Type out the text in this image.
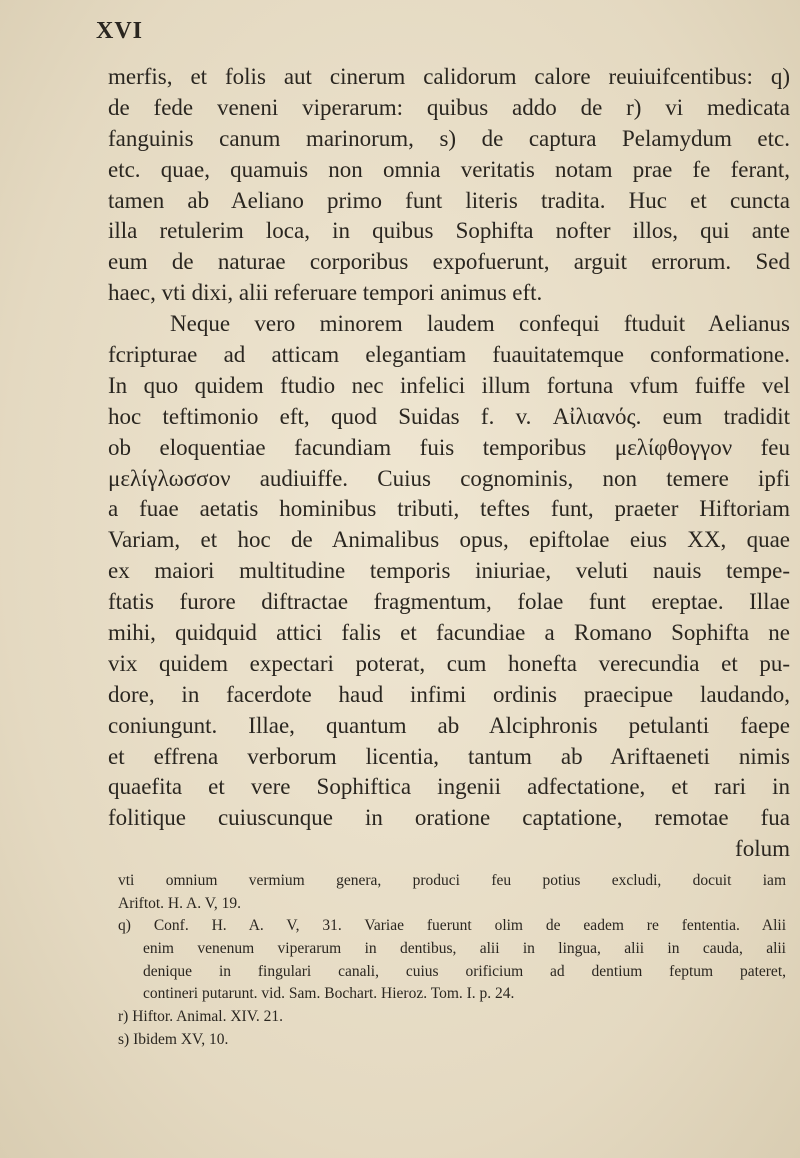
XVI
merfis, et folis aut cinerum calidorum calore reuiuifcentibus: q)
de fede veneni viperarum: quibus addo de r) vi medicata
fanguinis canum marinorum, s) de captura Pelamydum etc.
etc. quae, quamuis non omnia veritatis notam prae fe ferant,
tamen ab Aeliano primo funt literis tradita. Huc et cuncta
illa retulerim loca, in quibus Sophifta nofter illos, qui ante
eum de naturae corporibus expofuerunt, arguit errorum. Sed
haec, vti dixi, alii referuare tempori animus eft.
Neque vero minorem laudem confequi ftuduit Aelianus
fcripturae ad atticam elegantiam fuauitatemque conformatione.
In quo quidem ftudio nec infelici illum fortuna vfum fuiffe vel
hoc teftimonio eft, quod Suidas f. v. Αἰλιανός. eum tradidit
ob eloquentiae facundiam fuis temporibus μελίφθογγον feu
μελίγλωσσον audiuiffe. Cuius cognominis, non temere ipfi
a fuae aetatis hominibus tributi, teftes funt, praeter Hiftoriam
Variam, et hoc de Animalibus opus, epiftolae eius XX, quae
ex maiori multitudine temporis iniuriae, veluti nauis tempe-
ftatis furore diftractae fragmentum, folae funt ereptae. Illae
mihi, quidquid attici falis et facundiae a Romano Sophifta ne
vix quidem expectari poterat, cum honefta verecundia et pu-
dore, in facerdote haud infimi ordinis praecipue laudando,
coniungunt. Illae, quantum ab Alciphronis petulanti faepe
et effrena verborum licentia, tantum ab Ariftaeneti nimis
quaefita et vere Sophiftica ingenii adfectatione, et rari in
folitique cuiuscunque in oratione captatione, remotae fua
folum
vti omnium vermium genera, produci feu potius excludi, docuit iam
Ariftot. H. A. V, 19.
q) Conf. H. A. V, 31. Variae fuerunt olim de eadem re fententia. Alii
enim venenum viperarum in dentibus, alii in lingua, alii in cauda, alii
denique in fingulari canali, cuius orificium ad dentium feptum pateret,
contineri putarunt. vid. Sam. Bochart. Hieroz. Tom. I. p. 24.
r) Hiftor. Animal. XIV. 21.
s) Ibidem XV, 10.
